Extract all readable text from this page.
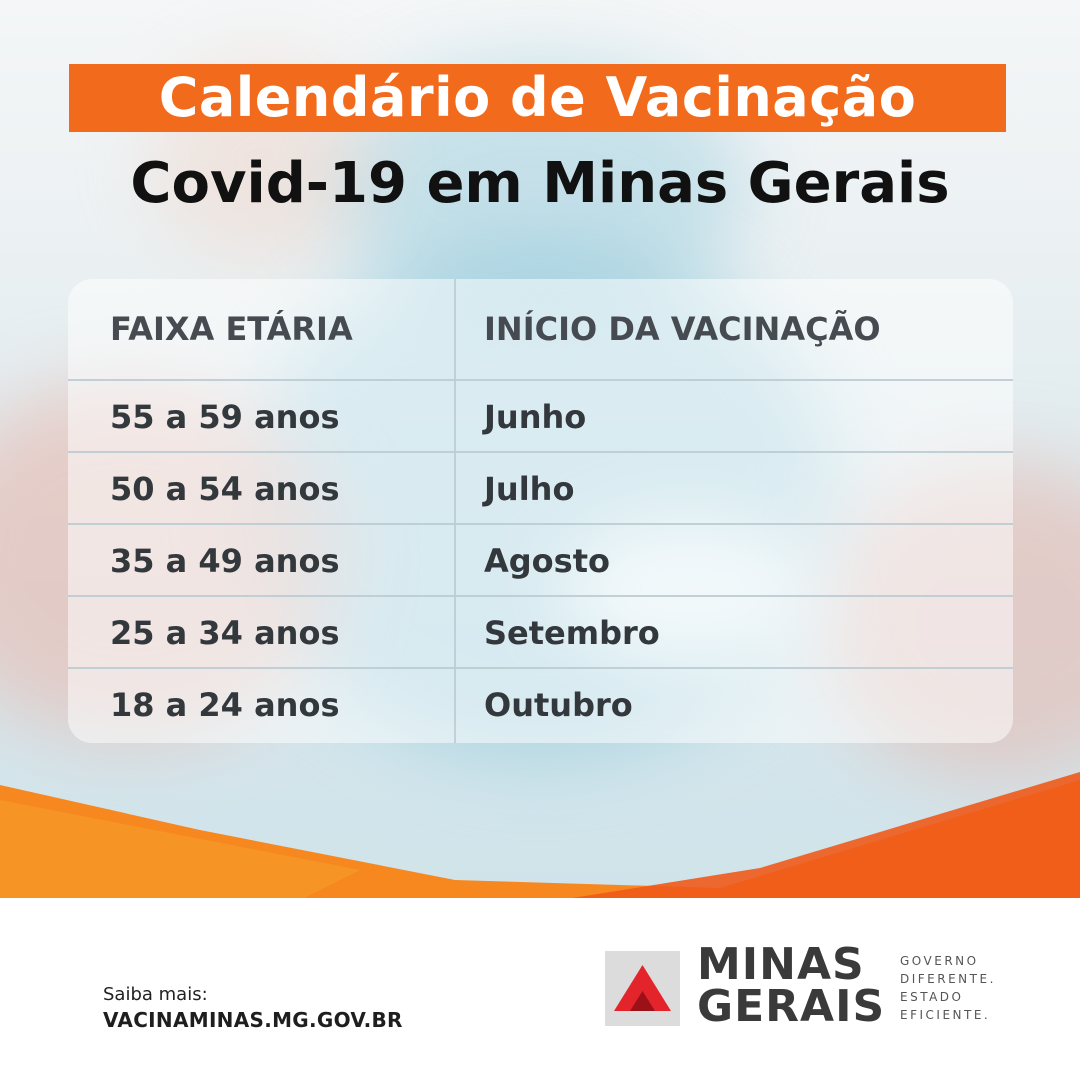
Calendário de Vacinação
Covid-19 em Minas Gerais
FAIXA ETÁRIA	INÍCIO DA VACINAÇÃO
55 a 59 anos	Junho
50 a 54 anos	Julho
35 a 49 anos	Agosto
25 a 34 anos	Setembro
18 a 24 anos	Outubro
Saiba mais:
VACINAMINAS.MG.GOV.BR
MINAS
GERAIS
GOVERNO
DIFERENTE.
ESTADO
EFICIENTE.
